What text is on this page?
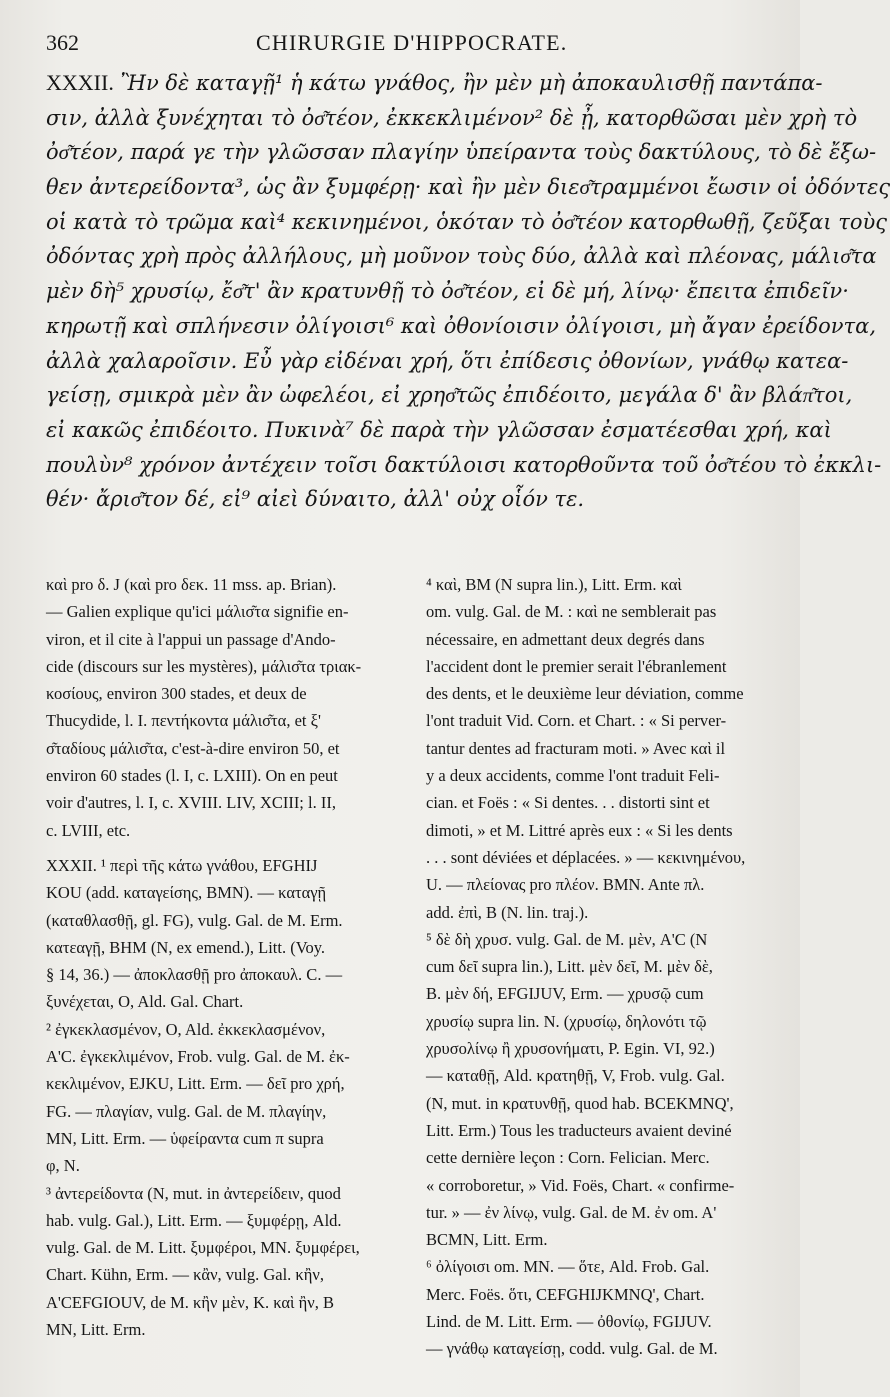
362	CHIRURGIE D'HIPPOCRATE.
XXXII. Ἢν δὲ καταγῇ¹ ἡ κάτω γνάθος, ἢν μὲν μὴ ἀποκαυλισθῇ παντάπα-
σιν, ἀλλὰ ξυνέχηται τὸ ὀσ͂τέον, ἐκκεκλιμένον² δὲ ᾖ, κατορθῶσαι μὲν χρὴ τὸ
ὀσ͂τέον, παρά γε τὴν γλῶσσαν πλαγίην ὑπείραντα τοὺς δακτύλους, τὸ δὲ ἔξω-
θεν ἀντερείδοντα³, ὡς ἂν ξυμφέρῃ· καὶ ἢν μὲν διεσ͂τραμμένοι ἔωσιν οἱ ὀδόντες
οἱ κατὰ τὸ τρῶμα καὶ⁴ κεκινημένοι, ὁκόταν τὸ ὀσ͂τέον κατορθωθῇ, ζεῦξαι τοὺς
ὀδόντας χρὴ πρὸς ἀλλήλους, μὴ μοῦνον τοὺς δύο, ἀλλὰ καὶ πλέονας, μάλισ͂τα
μὲν δὴ⁵ χρυσίῳ, ἔσ͂τ' ἂν κρατυνθῇ τὸ ὀσ͂τέον, εἰ δὲ μή, λίνῳ· ἔπειτα ἐπιδεῖν·
κηρωτῇ καὶ σπλήνεσιν ὀλίγοισι⁶ καὶ ὀθονίοισιν ὀλίγοισι, μὴ ἄγαν ἐρείδοντα,
ἀλλὰ χαλαροῖσιν. Εὖ γὰρ εἰδέναι χρή, ὅτι ἐπίδεσις ὀθονίων, γνάθῳ κατεα-
γείσῃ, σμικρὰ μὲν ἂν ὠφελέοι, εἰ χρησ͂τῶς ἐπιδέοιτο, μεγάλα δ' ἂν βλάπ͂τοι,
εἰ κακῶς ἐπιδέοιτο. Πυκινὰ⁷ δὲ παρὰ τὴν γλῶσσαν ἐσματέεσθαι χρή, καὶ
πουλὺν⁸ χρόνον ἀντέχειν τοῖσι δακτύλοισι κατορθοῦντα τοῦ ὀσ͂τέου τὸ ἐκκλι-
θέν· ἄρισ͂τον δέ, εἰ⁹ αἰεὶ δύναιτο, ἀλλ' οὐχ οἷόν τε.
καὶ pro δ. J (καὶ pro δεκ. 11 mss. ap. Brian).
— Galien explique qu'ici μάλισ͂τα signifie en-
viron, et il cite à l'appui un passage d'Ando-
cide (discours sur les mystères), μάλισ͂τα τριακ-
κοσίους, environ 300 stades, et deux de
Thucydide, l. I. πεντήκοντα μάλισ͂τα, et ξ'
σ͂ταδίους μάλισ͂τα, c'est-à-dire environ 50, et
environ 60 stades (l. I, c. LXIII). On en peut
voir d'autres, l. I, c. XVIII. LIV, XCIII; l. II,
c. LVIII, etc.
XXXII. ¹ περὶ τῆς κάτω γνάθου, EFGHIJ
KOU (add. καταγείσης, BMN). — καταγῇ
(καταθλασθῇ, gl. FG), vulg. Gal. de M. Erm.
κατεαγῇ, BHM (N, ex emend.), Litt. (Voy.
§ 14, 36.) — ἀποκλασθῇ pro ἀποκαυλ. C. —
ξυνέχεται, O, Ald. Gal. Chart.
² ἐγκεκλασμένον, O, Ald. ἐκκεκλασμένον,
A'C. ἐγκεκλιμένον, Frob. vulg. Gal. de M. ἐκ-
κεκλιμένον, EJKU, Litt. Erm. — δεῖ pro χρή,
FG. — πλαγίαν, vulg. Gal. de M. πλαγίην,
MN, Litt. Erm. — ὑφείραντα cum π supra
φ, N.
³ ἀντερείδοντα (N, mut. in ἀντερείδειν, quod
hab. vulg. Gal.), Litt. Erm. — ξυμφέρῃ, Ald.
vulg. Gal. de M. Litt. ξυμφέροι, MN. ξυμφέρει,
Chart. Kühn, Erm. — κἂν, vulg. Gal. κἢν,
A'CEFGIOUV, de M. κἢν μὲν, K. καὶ ἢν, B
MN, Litt. Erm.
⁴ καὶ, BM (N supra lin.), Litt. Erm. καὶ
om. vulg. Gal. de M. : καὶ ne semblerait pas
nécessaire, en admettant deux degrés dans
l'accident dont le premier serait l'ébranlement
des dents, et le deuxième leur déviation, comme
l'ont traduit Vid. Corn. et Chart. : « Si perver-
tantur dentes ad fracturam moti. » Avec καὶ il
y a deux accidents, comme l'ont traduit Feli-
cian. et Foës : « Si dentes. . . distorti sint et
dimoti, » et M. Littré après eux : « Si les dents
. . . sont déviées et déplacées. » — κεκινημένου,
U. — πλείονας pro πλέον. BMN. Ante πλ.
add. ἐπὶ, B (N. lin. traj.).
⁵ δὲ δὴ χρυσ. vulg. Gal. de M. μὲν, A'C (N
cum δεῖ supra lin.), Litt. μὲν δεῖ, M. μὲν δὲ,
B. μὲν δή, EFGIJUV, Erm. — χρυσῷ cum
χρυσίῳ supra lin. N. (χρυσίῳ, δηλονότι τῷ
χρυσολίνῳ ἢ χρυσονήματι, P. Egin. VI, 92.)
— καταθῇ, Ald. κρατηθῇ, V, Frob. vulg. Gal.
(N, mut. in κρατυνθῇ, quod hab. BCEKMNQ',
Litt. Erm.) Tous les traducteurs avaient deviné
cette dernière leçon : Corn. Felician. Merc.
« corroboretur, » Vid. Foës, Chart. « confirme-
tur. » — ἐν λίνῳ, vulg. Gal. de M. ἐν om. A'
BCMN, Litt. Erm.
⁶ ὀλίγοισι om. MN. — ὅτε, Ald. Frob. Gal.
Merc. Foës. ὅτι, CEFGHIJKMNQ', Chart.
Lind. de M. Litt. Erm. — ὀθονίῳ, FGIJUV.
— γνάθῳ καταγείσῃ, codd. vulg. Gal. de M.
